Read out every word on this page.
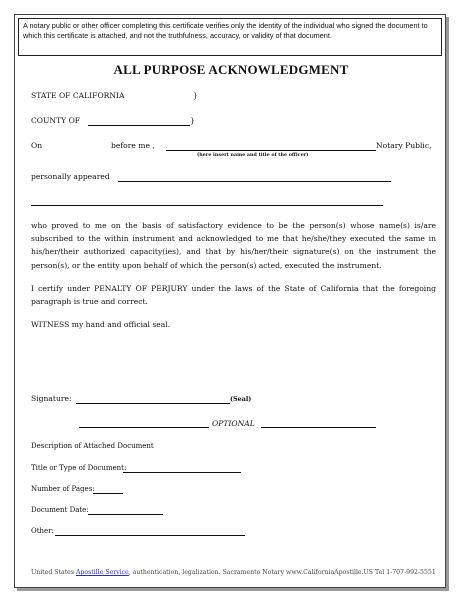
A notary public or other officer completing this certificate verifies only the identity of the individual who signed the document to which this certificate is attached, and not the truthfulness, accuracy, or validity of that document.
ALL PURPOSE ACKNOWLEDGMENT
STATE OF CALIFORNIA	}
COUNTY OF	}
On	before me ,	Notary Public,
(here insert name and title of the officer)
personally appeared
who proved to me on the basis of satisfactory evidence to be the person(s) whose name(s) is/are subscribed to the within instrument and acknowledged to me that he/she/they executed the same in his/her/their authorized capacity(ies), and that by his/her/their signature(s) on the instrument the person(s), or the entity upon behalf of which the person(s) acted, executed the instrument.
I certify under PENALTY OF PERJURY under the laws of the State of California that the foregoing paragraph is true and correct.
WITNESS my hand and official seal.
Signature:	(Seal)
OPTIONAL
Description of Attached Document
Title or Type of Document:
Number of Pages:
Document Date:
Other:
United States Apostille Service, authentication, legalization. Sacramento Notary www.CaliforniaApostille.US Tel 1-707-992-5551
